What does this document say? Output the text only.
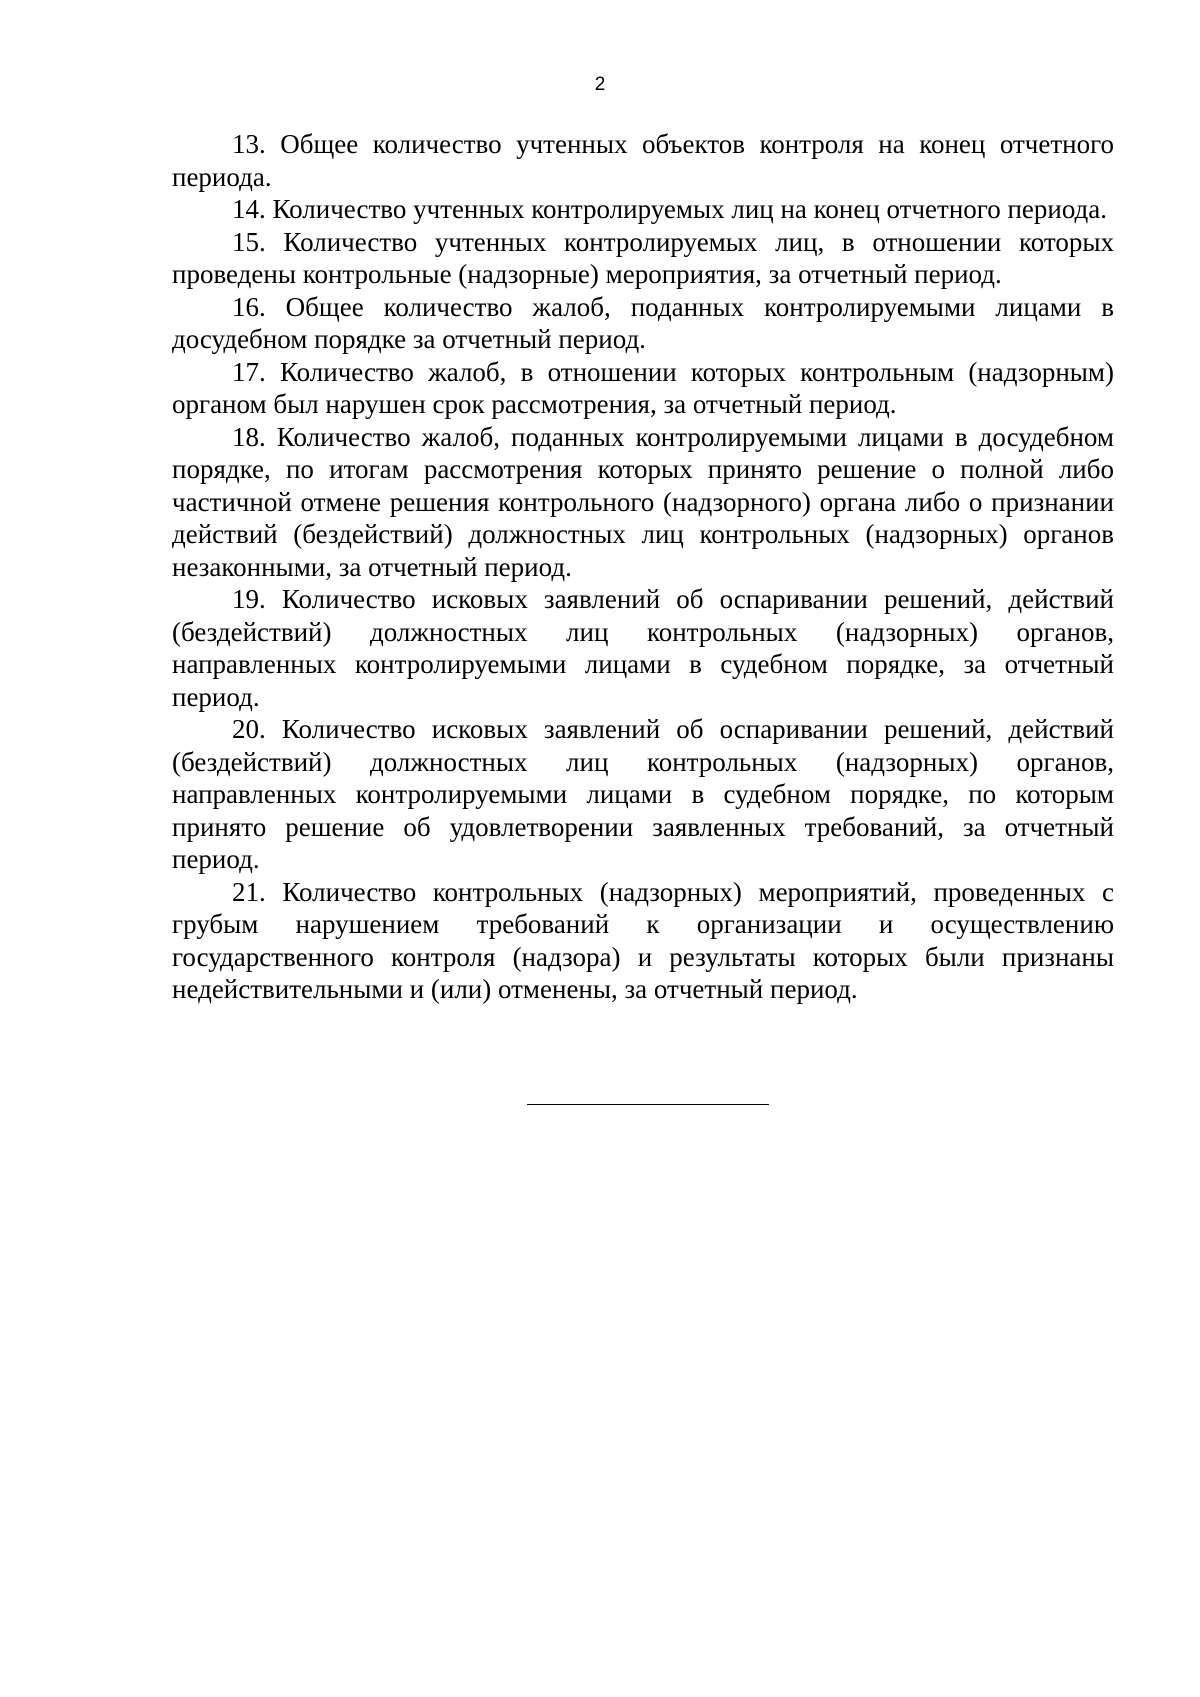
2

13. Общее количество учтенных объектов контроля на конец отчетного периода.

14. Количество учтенных контролируемых лиц на конец отчетного периода.

15. Количество учтенных контролируемых лиц, в отношении которых проведены контрольные (надзорные) мероприятия, за отчетный период.

16. Общее количество жалоб, поданных контролируемыми лицами в досудебном порядке за отчетный период.

17. Количество жалоб, в отношении которых контрольным (надзорным) органом был нарушен срок рассмотрения, за отчетный период.

18. Количество жалоб, поданных контролируемыми лицами в досудебном порядке, по итогам рассмотрения которых принято решение о полной либо частичной отмене решения контрольного (надзорного) органа либо о признании действий (бездействий) должностных лиц контрольных (надзорных) органов незаконными, за отчетный период.

19. Количество исковых заявлений об оспаривании решений, действий (бездействий) должностных лиц контрольных (надзорных) органов, направленных контролируемыми лицами в судебном порядке, за отчетный период.

20. Количество исковых заявлений об оспаривании решений, действий (бездействий) должностных лиц контрольных (надзорных) органов, направленных контролируемыми лицами в судебном порядке, по которым принято решение об удовлетворении заявленных требований, за отчетный период.

21. Количество контрольных (надзорных) мероприятий, проведенных с грубым нарушением требований к организации и осуществлению государственного контроля (надзора) и результаты которых были признаны недействительными и (или) отменены, за отчетный период.
